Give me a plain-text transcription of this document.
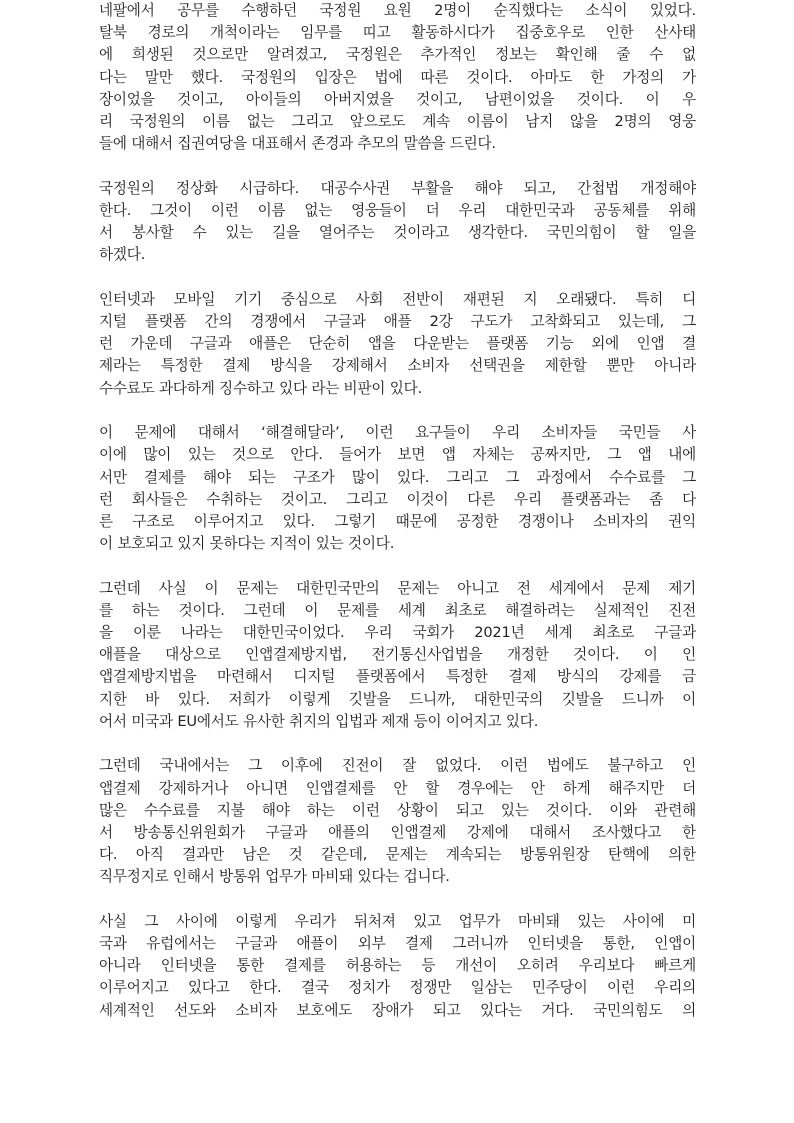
네팔에서 공무를 수행하던 국정원 요원 2명이 순직했다는 소식이 있었다.
탈북 경로의 개척이라는 임무를 띠고 활동하시다가 집중호우로 인한 산사태
에 희생된 것으로만 알려졌고, 국정원은 추가적인 정보는 확인해 줄 수 없
다는 말만 했다. 국정원의 입장은 법에 따른 것이다. 아마도 한 가정의 가
장이었을 것이고, 아이들의 아버지였을 것이고, 남편이었을 것이다. 이 우
리 국정원의 이름 없는 그리고 앞으로도 계속 이름이 남지 않을 2명의 영웅
들에 대해서 집권여당을 대표해서 존경과 추모의 말씀을 드린다.
국정원의 정상화 시급하다. 대공수사권 부활을 해야 되고, 간첩법 개정해야
한다. 그것이 이런 이름 없는 영웅들이 더 우리 대한민국과 공동체를 위해
서 봉사할 수 있는 길을 열어주는 것이라고 생각한다. 국민의힘이 할 일을
하겠다.
인터넷과 모바일 기기 중심으로 사회 전반이 재편된 지 오래됐다. 특히 디
지털 플랫폼 간의 경쟁에서 구글과 애플 2강 구도가 고착화되고 있는데, 그
런 가운데 구글과 애플은 단순히 앱을 다운받는 플랫폼 기능 외에 인앱 결
제라는 특정한 결제 방식을 강제해서 소비자 선택권을 제한할 뿐만 아니라
수수료도 과다하게 징수하고 있다 라는 비판이 있다.
이 문제에 대해서 ‘해결해달라’, 이런 요구들이 우리 소비자들 국민들 사
이에 많이 있는 것으로 안다. 들어가 보면 앱 자체는 공짜지만, 그 앱 내에
서만 결제를 해야 되는 구조가 많이 있다. 그리고 그 과정에서 수수료를 그
런 회사들은 수취하는 것이고. 그리고 이것이 다른 우리 플랫폼과는 좀 다
른 구조로 이루어지고 있다. 그렇기 때문에 공정한 경쟁이나 소비자의 권익
이 보호되고 있지 못하다는 지적이 있는 것이다.
그런데 사실 이 문제는 대한민국만의 문제는 아니고 전 세계에서 문제 제기
를 하는 것이다. 그런데 이 문제를 세계 최초로 해결하려는 실제적인 진전
을 이룬 나라는 대한민국이었다. 우리 국회가 2021년 세계 최초로 구글과
애플을 대상으로 인앱결제방지법, 전기통신사업법을 개정한 것이다. 이 인
앱결제방지법을 마련해서 디지털 플랫폼에서 특정한 결제 방식의 강제를 금
지한 바 있다. 저희가 이렇게 깃발을 드니까, 대한민국의 깃발을 드니까 이
어서 미국과 EU에서도 유사한 취지의 입법과 제재 등이 이어지고 있다.
그런데 국내에서는 그 이후에 진전이 잘 없었다. 이런 법에도 불구하고 인
앱결제 강제하거나 아니면 인앱결제를 안 할 경우에는 안 하게 해주지만 더
많은 수수료를 지불 해야 하는 이런 상황이 되고 있는 것이다. 이와 관련해
서 방송통신위원회가 구글과 애플의 인앱결제 강제에 대해서 조사했다고 한
다. 아직 결과만 남은 것 같은데, 문제는 계속되는 방통위원장 탄핵에 의한
직무정지로 인해서 방통위 업무가 마비돼 있다는 겁니다.
사실 그 사이에 이렇게 우리가 뒤처져 있고 업무가 마비돼 있는 사이에 미
국과 유럽에서는 구글과 애플이 외부 결제 그러니까 인터넷을 통한, 인앱이
아니라 인터넷을 통한 결제를 허용하는 등 개선이 오히려 우리보다 빠르게
이루어지고 있다고 한다. 결국 정치가 정쟁만 일삼는 민주당이 이런 우리의
세계적인 선도와 소비자 보호에도 장애가 되고 있다는 거다. 국민의힘도 의
